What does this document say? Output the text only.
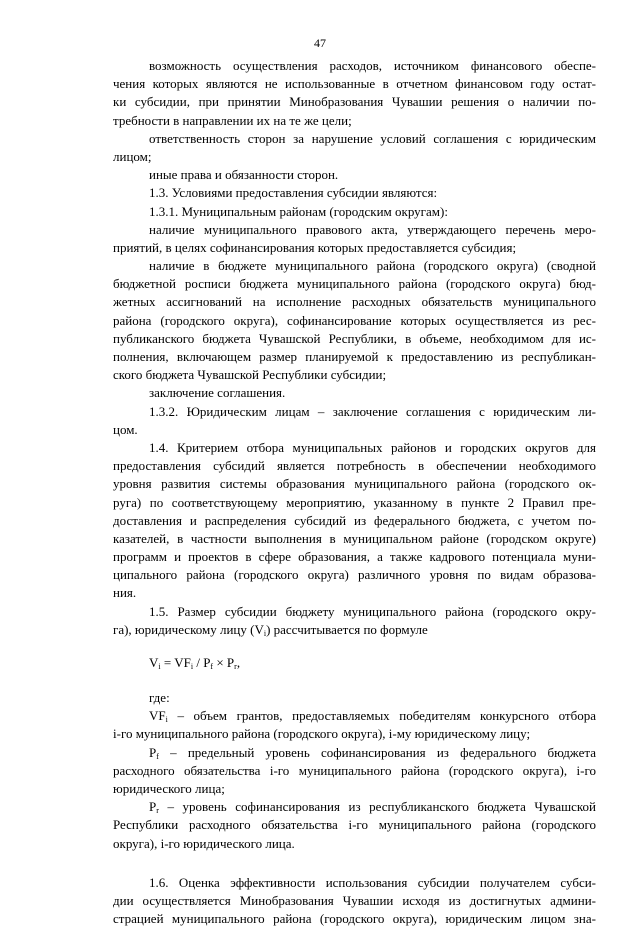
47
возможность осуществления расходов, источником финансового обеспе-
чения которых являются не использованные в отчетном финансовом году остат-
ки субсидии, при принятии Минобразования Чувашии решения о наличии по-
требности в направлении их на те же цели;
ответственность сторон за нарушение условий соглашения с юридическим
лицом;
иные права и обязанности сторон.
1.3. Условиями предоставления субсидии являются:
1.3.1. Муниципальным районам (городским округам):
наличие муниципального правового акта, утверждающего перечень меро-
приятий, в целях софинансирования которых предоставляется субсидия;
наличие в бюджете муниципального района (городского округа) (сводной
бюджетной росписи бюджета муниципального района (городского округа) бюд-
жетных ассигнований на исполнение расходных обязательств муниципального
района (городского округа), софинансирование которых осуществляется из рес-
публиканского бюджета Чувашской Республики, в объеме, необходимом для ис-
полнения, включающем размер планируемой к предоставлению из республикан-
ского бюджета Чувашской Республики субсидии;
заключение соглашения.
1.3.2. Юридическим лицам – заключение соглашения с юридическим ли-
цом.
1.4. Критерием отбора муниципальных районов и городских округов для
предоставления субсидий является потребность в обеспечении необходимого
уровня развития системы образования муниципального района (городского ок-
руга) по соответствующему мероприятию, указанному в пункте 2 Правил пре-
доставления и распределения субсидий из федерального бюджета, с учетом по-
казателей, в частности выполнения в муниципальном районе (городском округе)
программ и проектов в сфере образования, а также кадрового потенциала муни-
ципального района (городского округа) различного уровня по видам образова-
ния.
1.5. Размер субсидии бюджету муниципального района (городского окру-
га), юридическому лицу $(V_i)$ рассчитывается по формуле
$V_i = VF_i / P_f \times P_r$,
где:
$VF_i$ – объем грантов, предоставляемых победителям конкурсного отбора
i-го муниципального района (городского округа), i-му юридическому лицу;
$P_f$ – предельный уровень софинансирования из федерального бюджета
расходного обязательства i-го муниципального района (городского округа), i-го
юридического лица;
$P_r$ – уровень софинансирования из республиканского бюджета Чувашской
Республики расходного обязательства i-го муниципального района (городского
округа), i-го юридического лица.
1.6. Оценка эффективности использования субсидии получателем субси-
дии осуществляется Минобразования Чувашии исходя из достигнутых админи-
страцией муниципального района (городского округа), юридическим лицом зна-
